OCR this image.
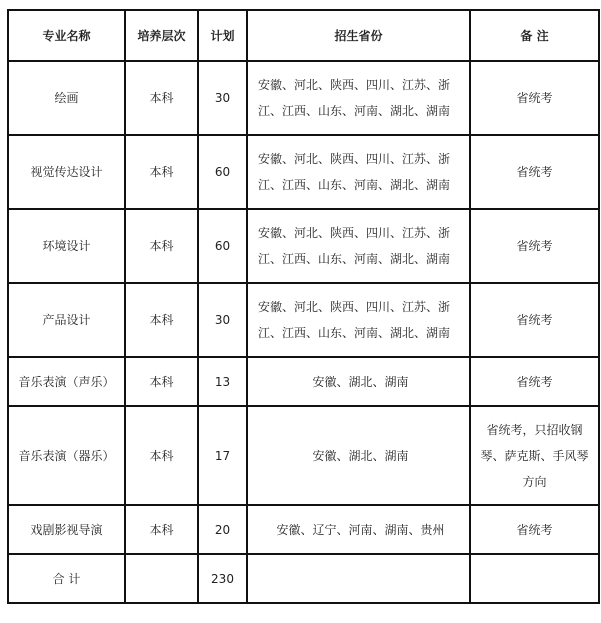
专业名称	培养层次	计划	招生省份	备 注
绘画	本科	30	安徽、河北、陕西、四川、江苏、浙
江、江西、山东、河南、湖北、湖南	省统考

视觉传达设计	本科	60	安徽、河北、陕西、四川、江苏、浙
江、江西、山东、河南、湖北、湖南	省统考

环境设计	本科	60	安徽、河北、陕西、四川、江苏、浙
江、江西、山东、河南、湖北、湖南	省统考

产品设计	本科	30	安徽、河北、陕西、四川、江苏、浙
江、江西、山东、河南、湖北、湖南	省统考

音乐表演（声乐）	本科	13	安徽、湖北、湖南	省统考

音乐表演（器乐）	本科	17	安徽、湖北、湖南	省统考，只招收钢
琴、萨克斯、手风琴
方向

戏剧影视导演	本科	20	安徽、辽宁、河南、湖南、贵州	省统考

合 计		230		
